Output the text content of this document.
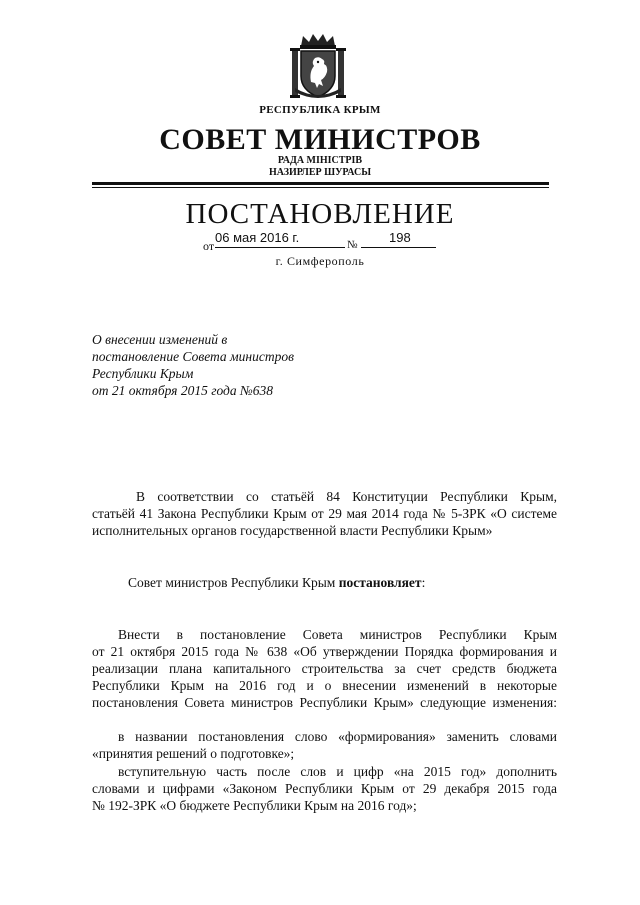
РЕСПУБЛИКА КРЫМ
СОВЕТ МИНИСТРОВ
РАДА МІНІСТРІВ
НАЗИРЛЕР ШУРАСЫ
ПОСТАНОВЛЕНИЕ
от
06 мая 2016 г.	№ 198
г. Симферополь
О внесении изменений в
постановление Совета министров
Республики Крым
от 21 октября 2015 года №638
В соответствии со статьёй 84 Конституции Республики Крым,
статьёй 41 Закона Республики Крым от 29 мая 2014 года № 5-ЗРК «О системе
исполнительных органов государственной власти Республики Крым»
Совет министров Республики Крым постановляет:
Внести в постановление Совета министров Республики Крым
от 21 октября 2015 года № 638 «Об утверждении Порядка формирования и
реализации плана капитального строительства за счет средств бюджета
Республики Крым на 2016 год и о внесении изменений в некоторые
постановления Совета министров Республики Крым» следующие изменения:
в названии постановления слово «формирования» заменить словами
«принятия решений о подготовке»;
вступительную часть после слов и цифр «на 2015 год» дополнить
словами и цифрами «Законом Республики Крым от 29 декабря 2015 года
№ 192-ЗРК «О бюджете Республики Крым на 2016 год»;
